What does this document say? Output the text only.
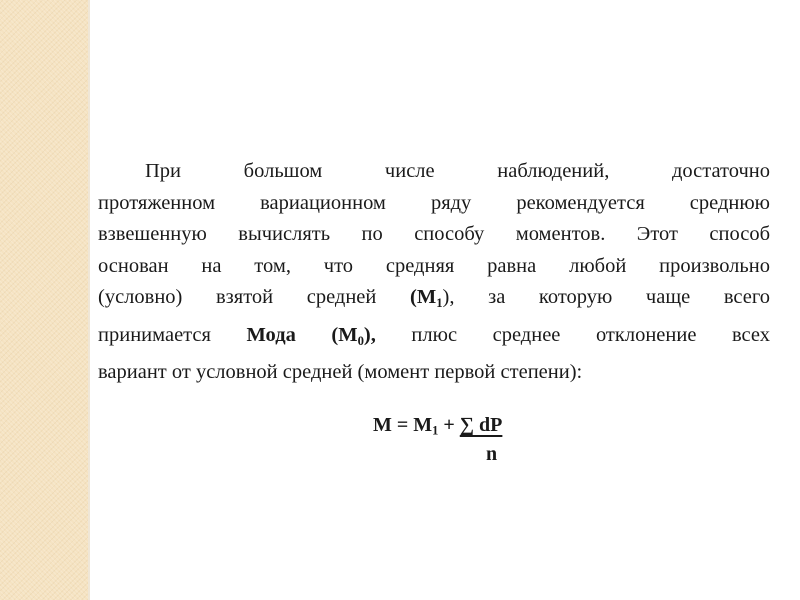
При большом числе наблюдений, достаточно
протяженном вариационном ряду рекомендуется среднюю
взвешенную вычислять по способу моментов. Этот способ
основан на том, что средняя равна любой произвольно
(условно) взятой средней $(М_1)$, за которую чаще всего
принимается Мода $(М_0)$, плюс среднее отклонение всех
вариант от условной средней (момент первой степени):
$М = М_1$ + ∑ dP
n
